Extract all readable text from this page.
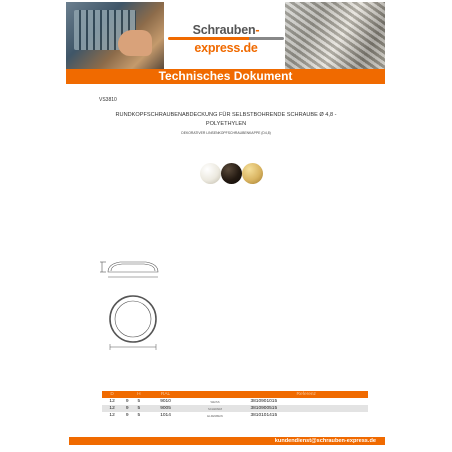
Schrauben-express.de
Technisches Dokument
VS3810
RUNDKOPFSCHRAUBENABDECKUNG FÜR SELBSTBOHRENDE SCHRAUBE Ø 4,8 -
POLYETHYLEN
DEKORATIVER LINSENKOPFSCHRAUBENKAPPE (D4,8)
D		H	RAL		Referenz
12	9	5	9010	WEISS	3810901015
12	9	5	9005	SCHWARZ	3810900515
12	9	5	1014	ELFENBEIN	3810101415
kundendienst@schrauben-express.de
